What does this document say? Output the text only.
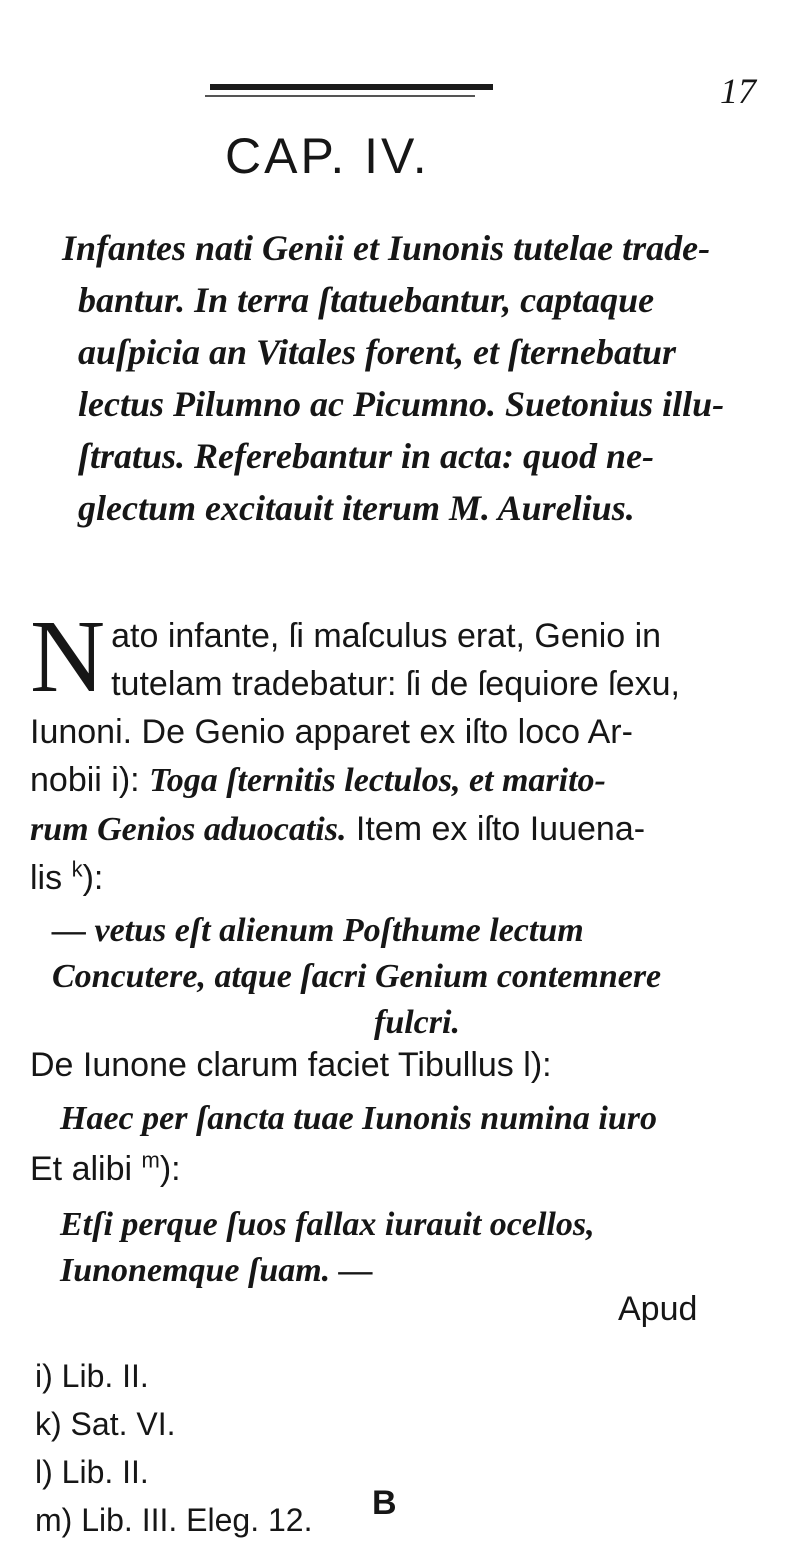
17
CAP. IV.
Infantes nati Genii et Iunonis tutelae trade-
bantur. In terra ſtatuebantur, captaque
auſpicia an Vitales forent, et ſternebatur
lectus Pilumno ac Picumno. Suetonius illu-
ſtratus. Referebantur in acta: quod ne-
glectum excitauit iterum M. Aurelius.
N ato infante, ſi maſculus erat, Genio in
tutelam tradebatur: ſi de ſequiore ſexu,
Iunoni. De Genio apparet ex iſto loco Ar-
nobii i): Toga ſternitis lectulos, et marito-
rum Genios aduocatis. Item ex iſto Iuuena-
lis $^k$):
— vetus eſt alienum Poſthume lectum
Concutere, atque ſacri Genium contemnere
fulcri.
De Iunone clarum faciet Tibullus l):
Haec per ſancta tuae Iunonis numina iuro
Et alibi $^m$):
Etſi perque ſuos fallax iurauit ocellos,
Iunonemque ſuam. —
Apud
i) Lib. II.
k) Sat. VI.
l) Lib. II.
m) Lib. III. Eleg. 12. B
